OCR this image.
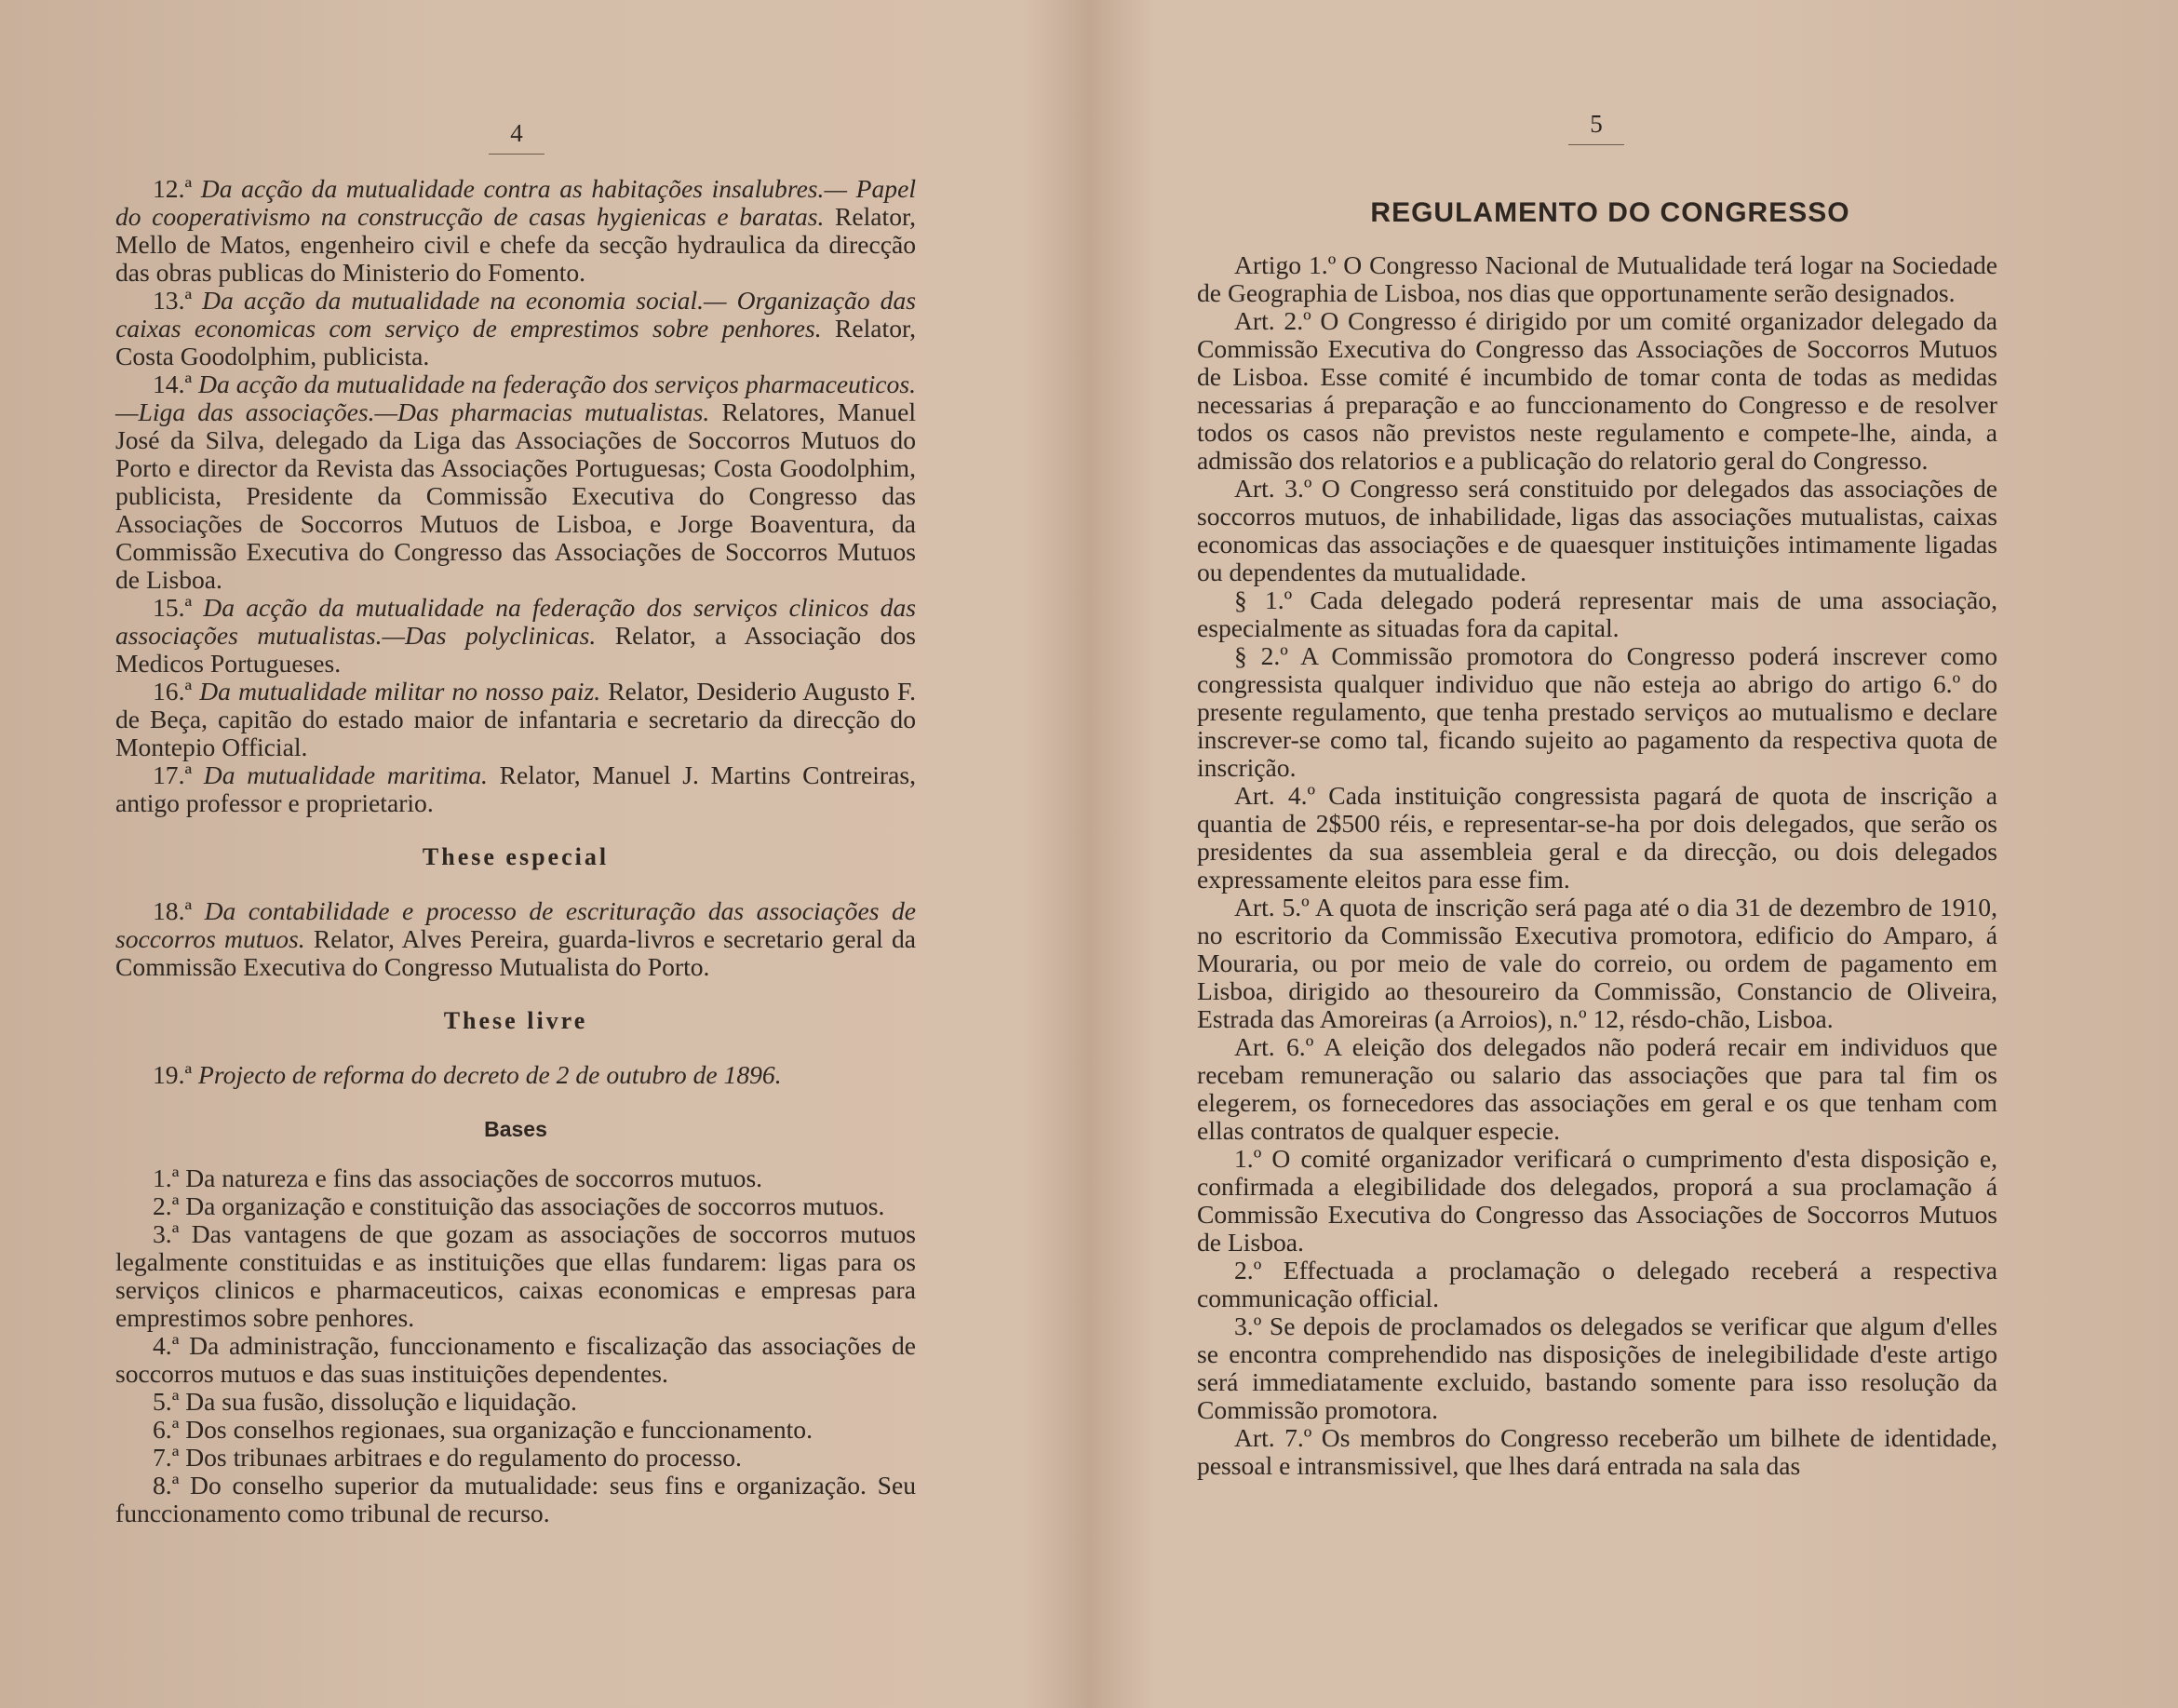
4

12.ª Da acção da mutualidade contra as habitações insalubres.— Papel do cooperativismo na construcção de casas hygienicas e baratas. Relator, Mello de Matos, engenheiro civil e chefe da secção hydraulica da direcção das obras publicas do Ministerio do Fomento.

13.ª Da acção da mutualidade na economia social.— Organização das caixas economicas com serviço de emprestimos sobre penhores. Relator, Costa Goodolphim, publicista.

14.ª Da acção da mutualidade na federação dos serviços pharmaceuticos.—Liga das associações.—Das pharmacias mutualistas. Relatores, Manuel José da Silva, delegado da Liga das Associações de Soccorros Mutuos do Porto e director da Revista das Associações Portuguesas; Costa Goodolphim, publicista, Presidente da Commissão Executiva do Congresso das Associações de Soccorros Mutuos de Lisboa, e Jorge Boaventura, da Commissão Executiva do Congresso das Associações de Soccorros Mutuos de Lisboa.

15.ª Da acção da mutualidade na federação dos serviços clinicos das associações mutualistas.—Das polyclinicas. Relator, a Associação dos Medicos Portugueses.

16.ª Da mutualidade militar no nosso paiz. Relator, Desiderio Augusto F. de Beça, capitão do estado maior de infantaria e secretario da direcção do Montepio Official.

17.ª Da mutualidade maritima. Relator, Manuel J. Martins Contreiras, antigo professor e proprietario.

These especial

18.ª Da contabilidade e processo de escrituração das associações de soccorros mutuos. Relator, Alves Pereira, guarda-livros e secretario geral da Commissão Executiva do Congresso Mutualista do Porto.

These livre

19.ª Projecto de reforma do decreto de 2 de outubro de 1896.

Bases

1.ª Da natureza e fins das associações de soccorros mutuos.

2.ª Da organização e constituição das associações de soccorros mutuos.

3.ª Das vantagens de que gozam as associações de soccorros mutuos legalmente constituidas e as instituições que ellas fundarem: ligas para os serviços clinicos e pharmaceuticos, caixas economicas e empresas para emprestimos sobre penhores.

4.ª Da administração, funccionamento e fiscalização das associações de soccorros mutuos e das suas instituições dependentes.

5.ª Da sua fusão, dissolução e liquidação.

6.ª Dos conselhos regionaes, sua organização e funccionamento.

7.ª Dos tribunaes arbitraes e do regulamento do processo.

8.ª Do conselho superior da mutualidade: seus fins e organização. Seu funccionamento como tribunal de recurso.

5

Artigo 1.º O Congresso Nacional de Mutualidade terá logar na Sociedade de Geographia de Lisboa, nos dias que opportunamente serão designados.

Art. 2.º O Congresso é dirigido por um comité organizador delegado da Commissão Executiva do Congresso das Associações de Soccorros Mutuos de Lisboa. Esse comité é incumbido de tomar conta de todas as medidas necessarias á preparação e ao funccionamento do Congresso e de resolver todos os casos não previstos neste regulamento e compete-lhe, ainda, a admissão dos relatorios e a publicação do relatorio geral do Congresso.

Art. 3.º O Congresso será constituido por delegados das associações de soccorros mutuos, de inhabilidade, ligas das associações mutualistas, caixas economicas das associações e de quaesquer instituições intimamente ligadas ou dependentes da mutualidade.

§ 1.º Cada delegado poderá representar mais de uma associação, especialmente as situadas fora da capital.

§ 2.º A Commissão promotora do Congresso poderá inscrever como congressista qualquer individuo que não esteja ao abrigo do artigo 6.º do presente regulamento, que tenha prestado serviços ao mutualismo e declare inscrever-se como tal, ficando sujeito ao pagamento da respectiva quota de inscrição.

Art. 4.º Cada instituição congressista pagará de quota de inscrição a quantia de 2$500 réis, e representar-se-ha por dois delegados, que serão os presidentes da sua assembleia geral e da direcção, ou dois delegados expressamente eleitos para esse fim.

Art. 5.º A quota de inscrição será paga até o dia 31 de dezembro de 1910, no escritorio da Commissão Executiva promotora, edificio do Amparo, á Mouraria, ou por meio de vale do correio, ou ordem de pagamento em Lisboa, dirigido ao thesoureiro da Commissão, Constancio de Oliveira, Estrada das Amoreiras (a Arroios), n.º 12, résdo-chão, Lisboa.

Art. 6.º A eleição dos delegados não poderá recair em individuos que recebam remuneração ou salario das associações que para tal fim os elegerem, os fornecedores das associações em geral e os que tenham com ellas contratos de qualquer especie.

1.º O comité organizador verificará o cumprimento d'esta disposição e, confirmada a elegibilidade dos delegados, proporá a sua proclamação á Commissão Executiva do Congresso das Associações de Soccorros Mutuos de Lisboa.

2.º Effectuada a proclamação o delegado receberá a respectiva communicação official.

3.º Se depois de proclamados os delegados se verificar que algum d'elles se encontra comprehendido nas disposições de inelegibilidade d'este artigo será immediatamente excluido, bastando somente para isso resolução da Commissão promotora.

Art. 7.º Os membros do Congresso receberão um bilhete de identidade, pessoal e intransmissivel, que lhes dará entrada na sala das

REGULAMENTO DO CONGRESSO
